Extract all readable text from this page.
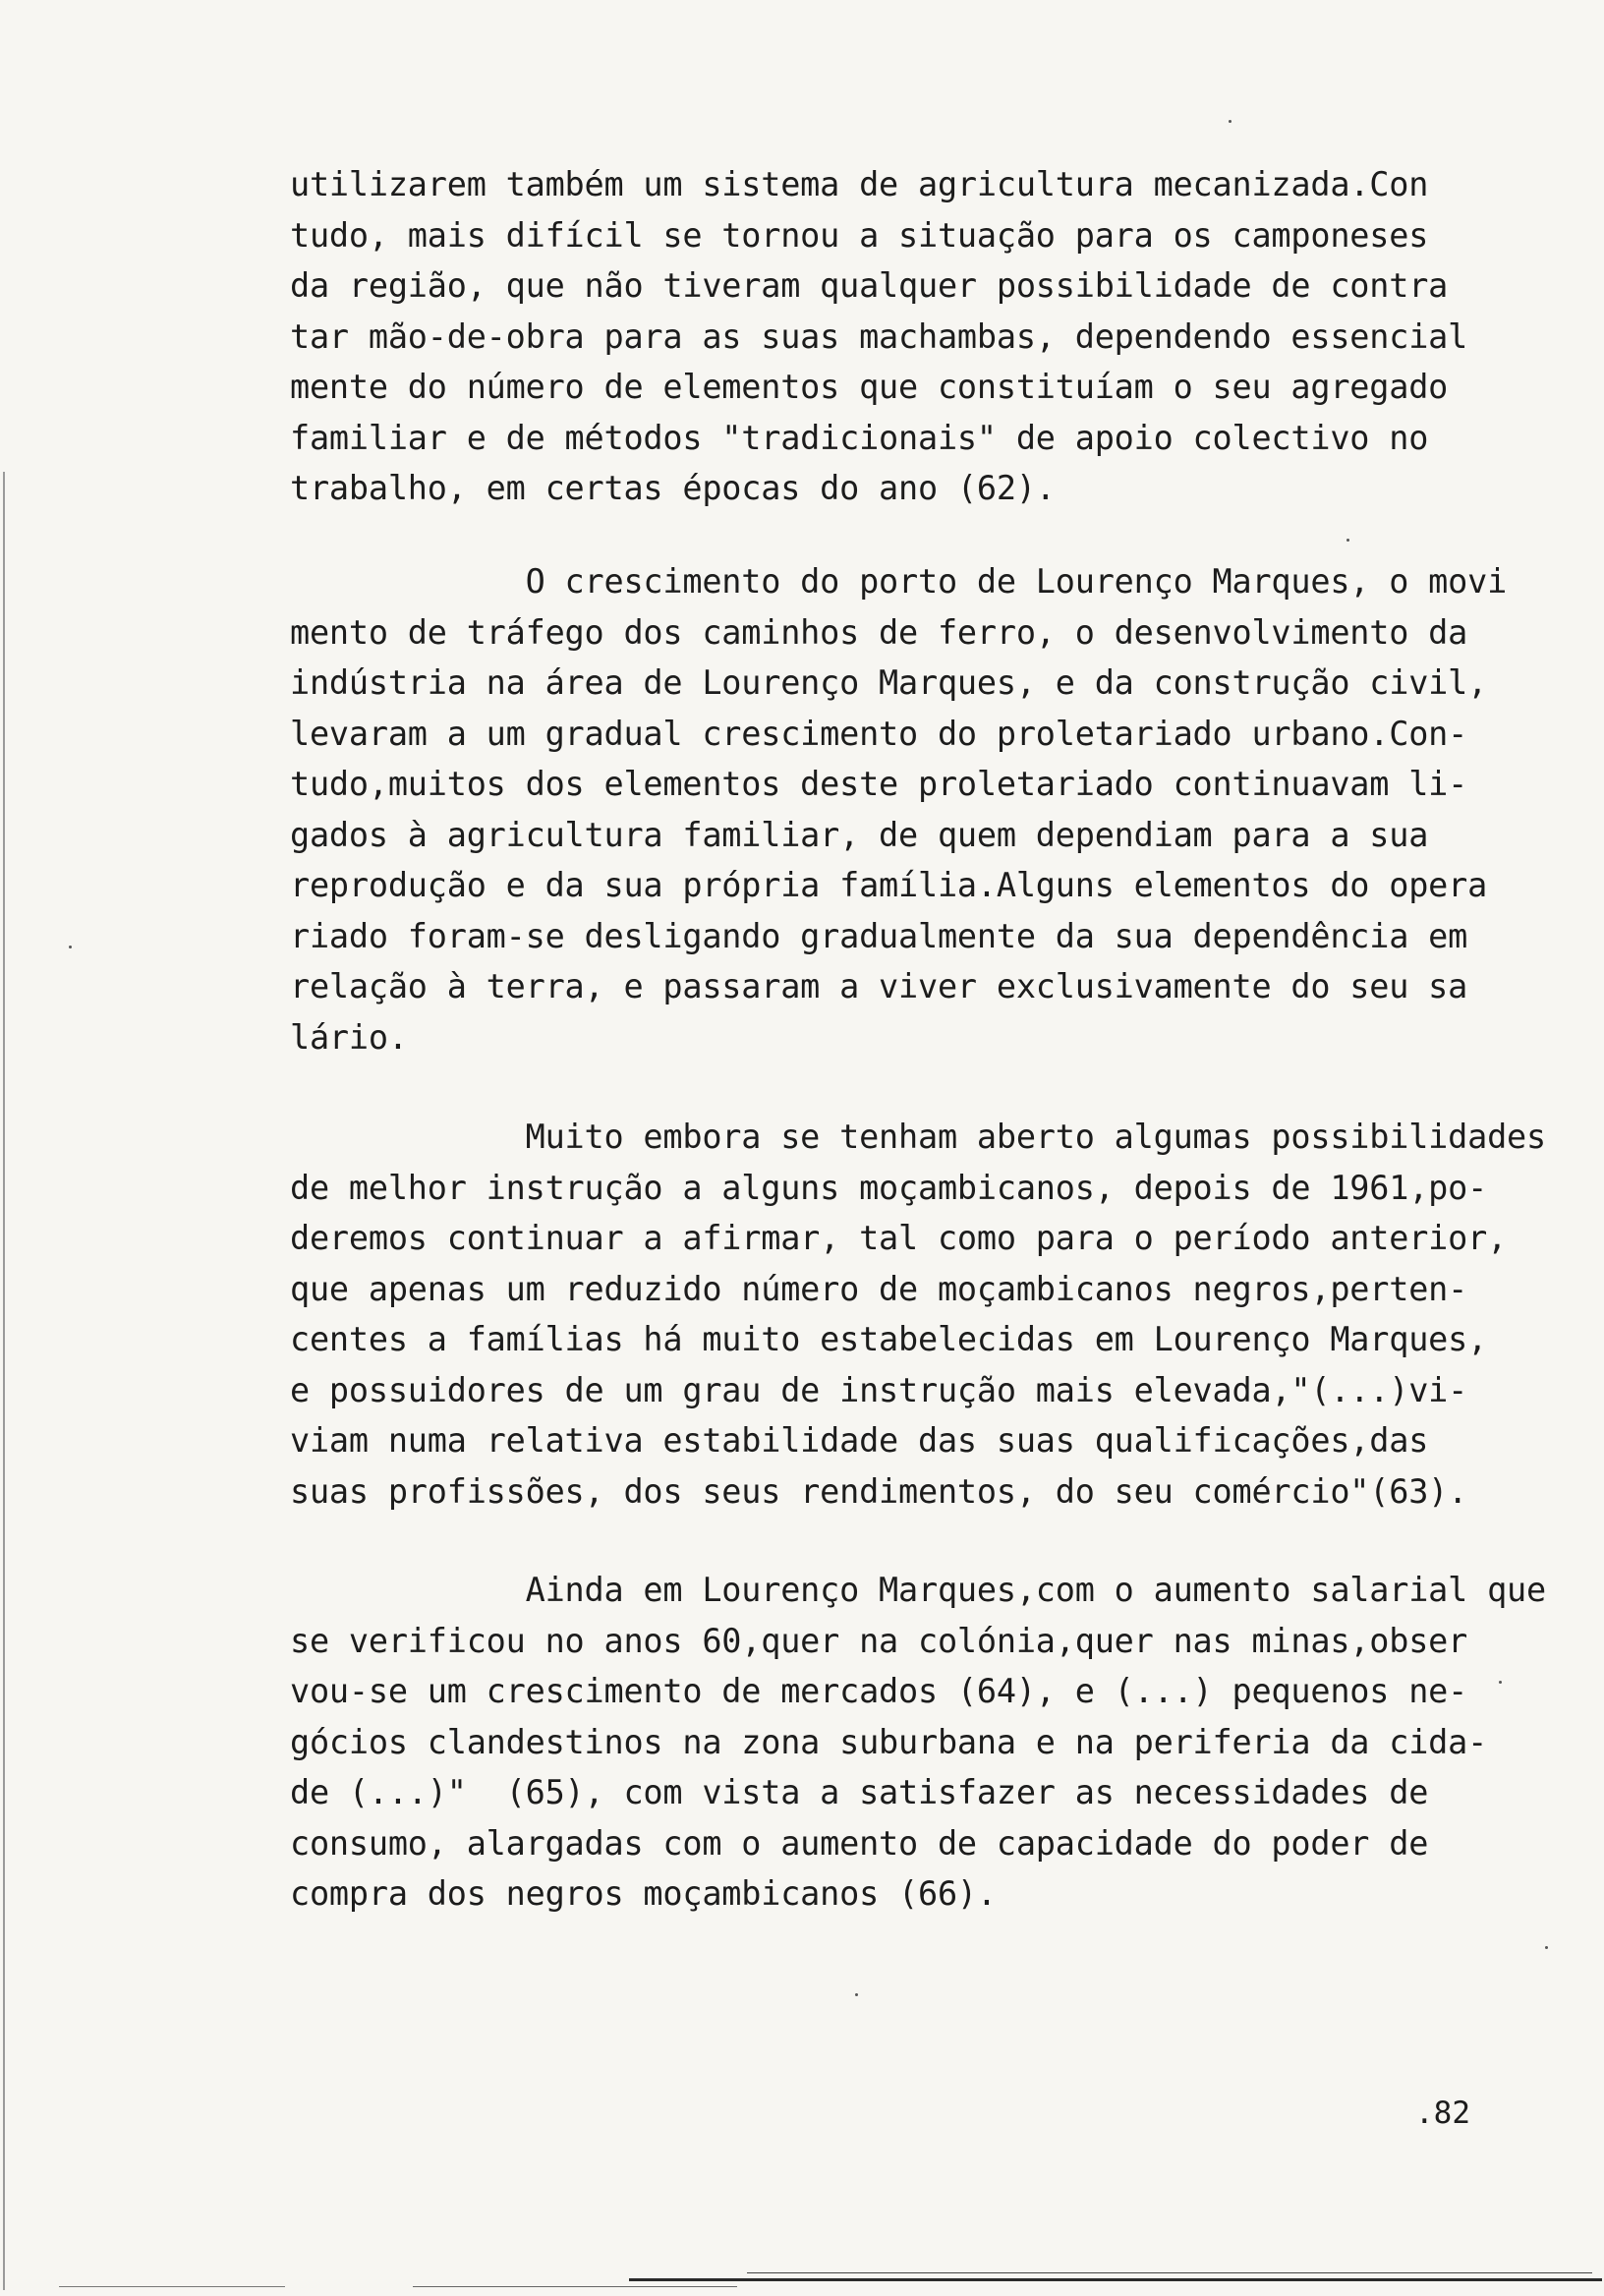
utilizarem também um sistema de agricultura mecanizada.Con
tudo, mais difícil se tornou a situação para os camponeses
da região, que não tiveram qualquer possibilidade de contra
tar mão-de-obra para as suas machambas, dependendo essencial
mente do número de elementos que constituíam o seu agregado
familiar e de métodos "tradicionais" de apoio colectivo no
trabalho, em certas épocas do ano (62).

O crescimento do porto de Lourenço Marques, o movi
mento de tráfego dos caminhos de ferro, o desenvolvimento da
indústria na área de Lourenço Marques, e da construção civil,
levaram a um gradual crescimento do proletariado urbano.Con-
tudo,muitos dos elementos deste proletariado continuavam li-
gados à agricultura familiar, de quem dependiam para a sua
reprodução e da sua própria família.Alguns elementos do opera
riado foram-se desligando gradualmente da sua dependência em
relação à terra, e passaram a viver exclusivamente do seu sa
lário.

Muito embora se tenham aberto algumas possibilidades
de melhor instrução a alguns moçambicanos, depois de 1961,po-
deremos continuar a afirmar, tal como para o período anterior,
que apenas um reduzido número de moçambicanos negros,perten-
centes a famílias há muito estabelecidas em Lourenço Marques,
e possuidores de um grau de instrução mais elevada,"(...)vi-
viam numa relativa estabilidade das suas qualificações,das
suas profissões, dos seus rendimentos, do seu comércio"(63).

Ainda em Lourenço Marques,com o aumento salarial que
se verificou no anos 60,quer na colónia,quer nas minas,obser
vou-se um crescimento de mercados (64), e (...) pequenos ne-
gócios clandestinos na zona suburbana e na periferia da cida-
de (...)"  (65), com vista a satisfazer as necessidades de
consumo, alargadas com o aumento de capacidade do poder de
compra dos negros moçambicanos (66).

.82
